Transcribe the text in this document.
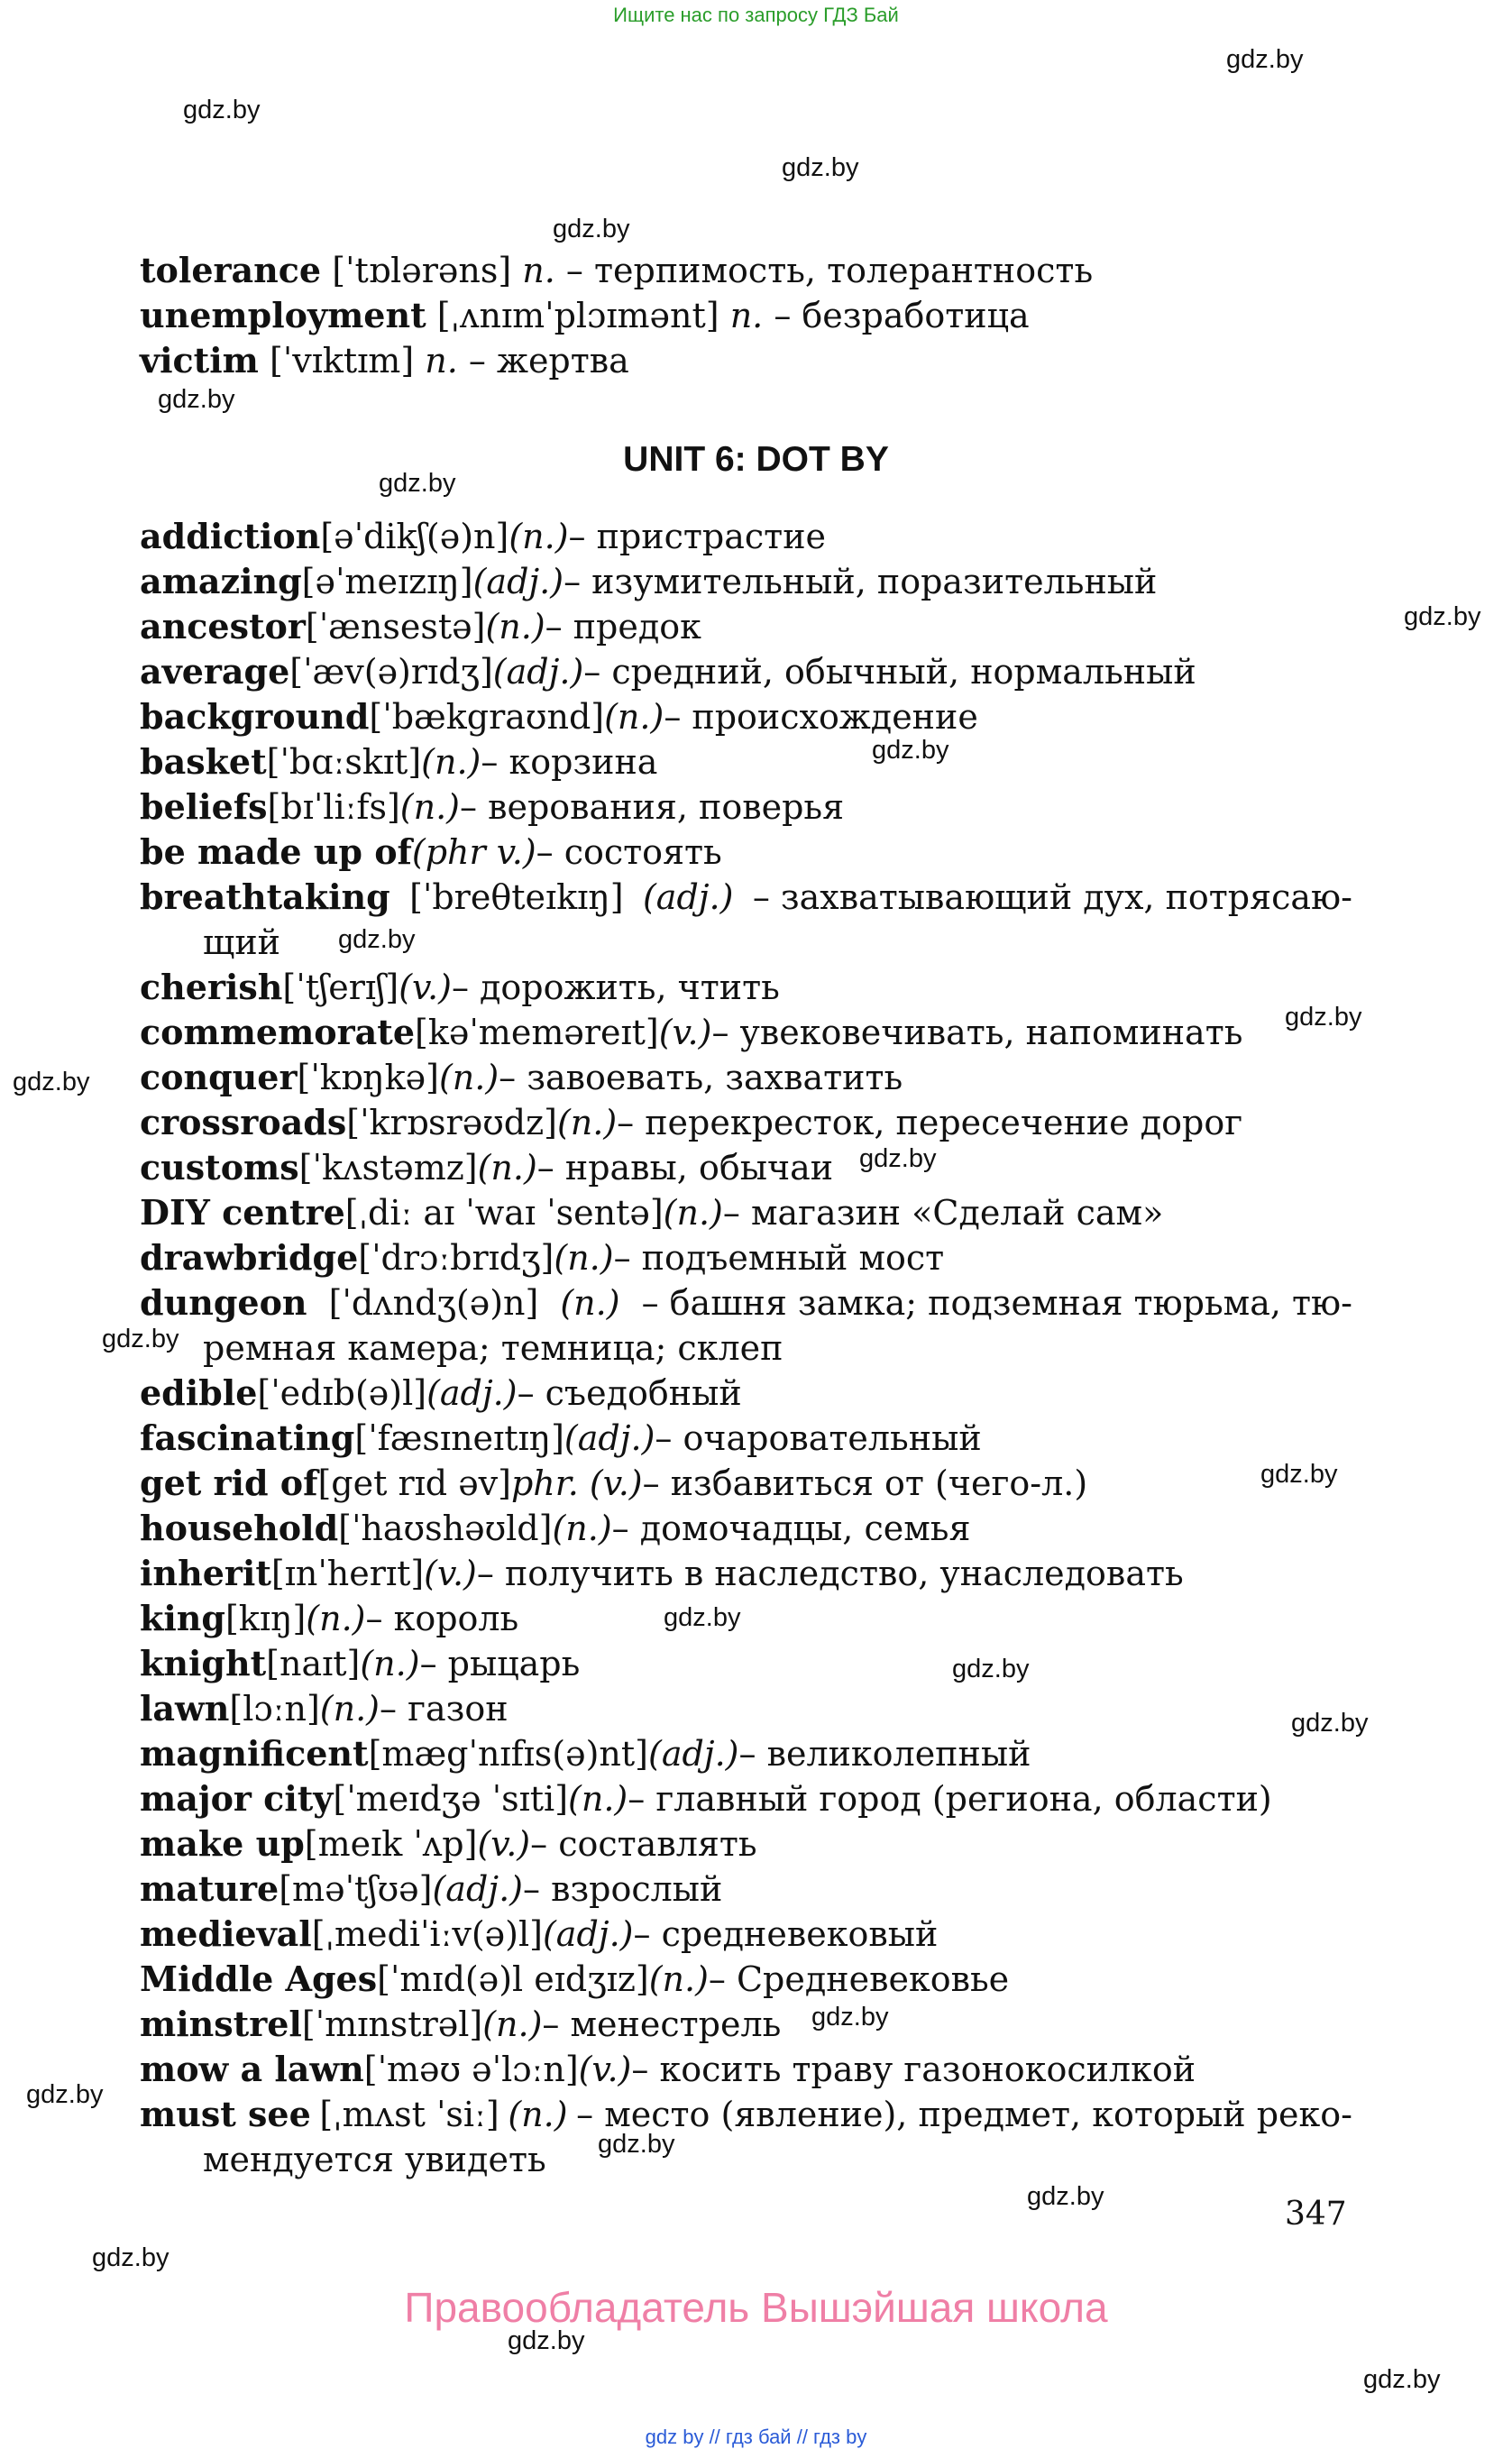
Ищите нас по запросу ГДЗ Бай
gdz.by
gdz.by
gdz.by
gdz.by
gdz.by
gdz.by
gdz.by
gdz.by
gdz.by
gdz.by
gdz.by
gdz.by
gdz.by
gdz.by
gdz.by
gdz.by
gdz.by
gdz.by
gdz.by
gdz.by
gdz.by
gdz.by
gdz.by
gdz.by
tolerance [ˈtɒlərəns] n. – терпимость, толерантность
unemployment [ˌʌnɪmˈplɔɪmənt] n. – безработица
victim [ˈvɪktɪm] n. – жертва
UNIT 6: DOT BY
addiction[əˈdikʃ(ə)n](n.)– пристрастие
amazing[əˈmeɪzɪŋ](adj.)– изумительный, поразительный
ancestor[ˈænsestə](n.)– предок
average[ˈæv(ə)rɪdʒ](adj.)– средний, обычный, нормальный
background[ˈbækgraʊnd](n.)– происхождение
basket[ˈbɑːskɪt](n.)– корзина
beliefs[bɪˈliːfs](n.)– верования, поверья
be made up of(phr v.)– состоять
breathtaking [ˈbreθteɪkɪŋ] (adj.) – захватывающий дух, потрясаю-
щий
cherish[ˈtʃerɪʃ](v.)– дорожить, чтить
commemorate[kəˈmeməreɪt](v.)– увековечивать, напоминать
conquer[ˈkɒŋkə](n.)– завоевать, захватить
crossroads[ˈkrɒsrəʊdz](n.)– перекресток, пересечение дорог
customs[ˈkʌstəmz](n.)– нравы, обычаи
DIY centre[ˌdiː aɪ ˈwaɪ ˈsentə](n.)– магазин «Сделай сам»
drawbridge[ˈdrɔːbrɪdʒ](n.)– подъемный мост
dungeon [ˈdʌndʒ(ə)n] (n.) – башня замка; подземная тюрьма, тю-
ремная камера; темница; склеп
edible[ˈedɪb(ə)l](adj.)– съедобный
fascinating[ˈfæsɪneɪtɪŋ](adj.)– очаровательный
get rid of[get rɪd əv]phr. (v.)– избавиться от (чего-л.)
household[ˈhaʊshəʊld](n.)– домочадцы, семья
inherit[ɪnˈherɪt](v.)– получить в наследство, унаследовать
king[kɪŋ](n.)– король
knight[naɪt](n.)– рыцарь
lawn[lɔːn](n.)– газон
magnificent[mægˈnɪfɪs(ə)nt](adj.)– великолепный
major city[ˈmeɪdʒə ˈsɪti](n.)– главный город (региона, области)
make up[meɪk ˈʌp](v.)– составлять
mature[məˈtʃʊə](adj.)– взрослый
medieval[ˌmediˈiːv(ə)l](adj.)– средневековый
Middle Ages[ˈmɪd(ə)l eɪdʒɪz](n.)– Средневековье
minstrel[ˈmɪnstrəl](n.)– менестрель
mow a lawn[ˈməʊ əˈlɔːn](v.)– косить траву газонокосилкой
must see [ˌmʌst ˈsiː] (n.) – место (явление), предмет, который реко-
мендуется увидеть
347
Правообладатель Вышэйшая школа
gdz by // гдз бай // гдз by
